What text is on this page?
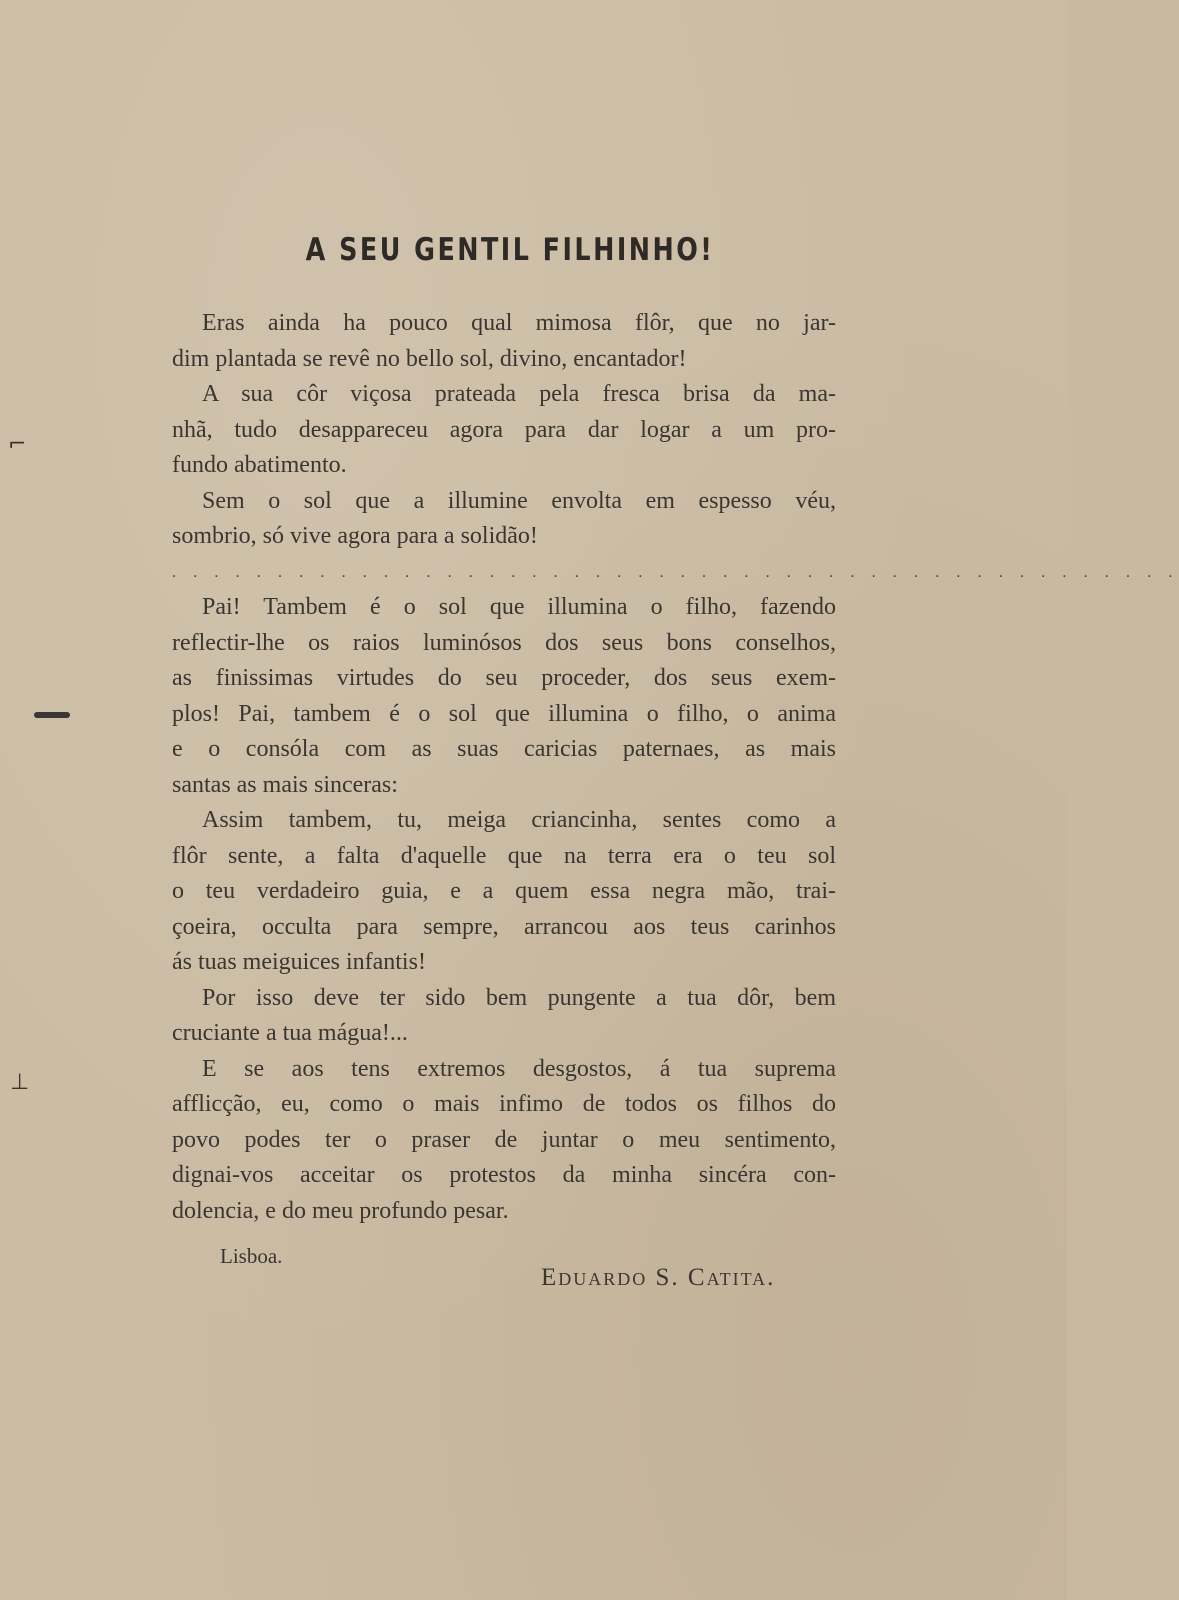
⌐
⊥
A SEU GENTIL FILHINHO!
Eras ainda ha pouco qual mimosa flôr, que no jar-
dim plantada se revê no bello sol, divino, encantador!
A sua côr viçosa prateada pela fresca brisa da ma-
nhã, tudo desappareceu agora para dar logar a um pro-
fundo abatimento.
Sem o sol que a illumine envolta em espesso véu,
sombrio, só vive agora para a solidão!
. . . . . . . . . . . . . . . . . . . . . . . . . . . . . . . . . . . . . . . . . . . . . . . .
Pai! Tambem é o sol que illumina o filho, fazendo
reflectir-lhe os raios luminósos dos seus bons conselhos,
as finissimas virtudes do seu proceder, dos seus exem-
plos! Pai, tambem é o sol que illumina o filho, o anima
e o consóla com as suas caricias paternaes, as mais
santas as mais sinceras:
Assim tambem, tu, meiga criancinha, sentes como a
flôr sente, a falta d'aquelle que na terra era o teu sol
o teu verdadeiro guia, e a quem essa negra mão, trai-
çoeira, occulta para sempre, arrancou aos teus carinhos
ás tuas meiguices infantis!
Por isso deve ter sido bem pungente a tua dôr, bem
cruciante a tua mágua!...
E se aos tens extremos desgostos, á tua suprema
afflicção, eu, como o mais infimo de todos os filhos do
povo podes ter o praser de juntar o meu sentimento,
dignai-vos acceitar os protestos da minha sincéra con-
dolencia, e do meu profundo pesar.
Lisboa.
Eduardo S. Catita.
